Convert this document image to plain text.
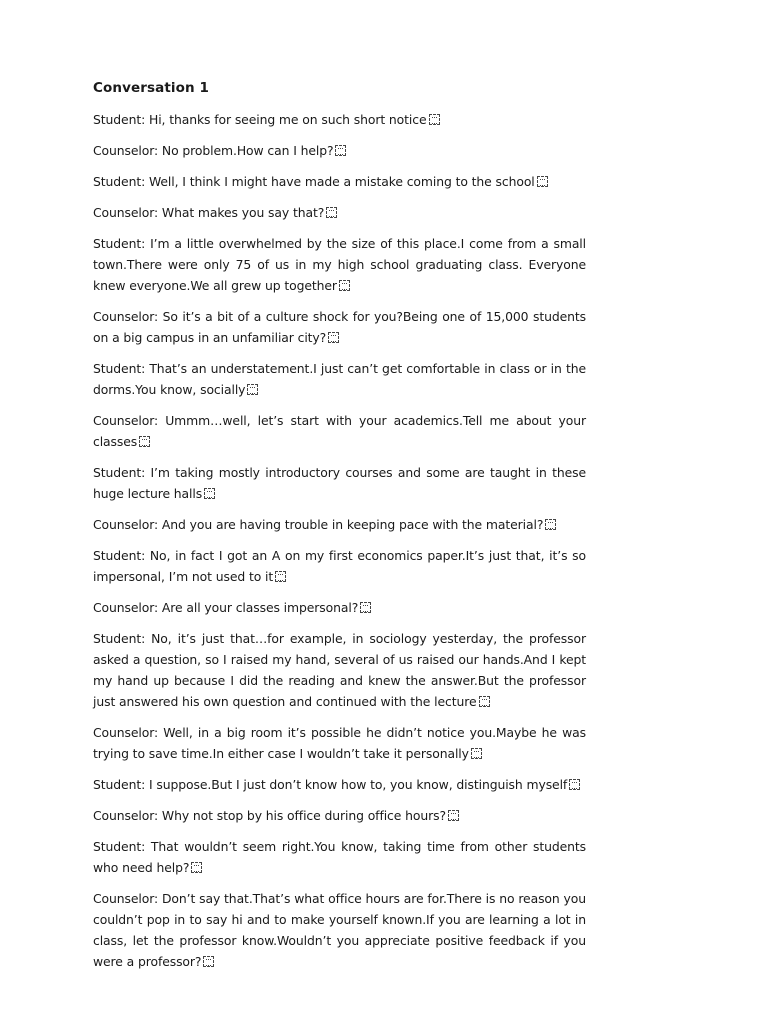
Conversation 1

Student: Hi, thanks for seeing me on such short notice

Counselor: No problem.How can I help?

Student: Well, I think I might have made a mistake coming to the school

Counselor: What makes you say that?

Student: I’m a little overwhelmed by the size of this place.I come from a small town.There were only 75 of us in my high school graduating class. Everyone knew everyone.We all grew up together

Counselor: So it’s a bit of a culture shock for you?Being one of 15,000 students on a big campus in an unfamiliar city?

Student: That’s an understatement.I just can’t get comfortable in class or in the dorms.You know, socially

Counselor: Ummm…well, let’s start with your academics.Tell me about your classes

Student: I’m taking mostly introductory courses and some are taught in these huge lecture halls

Counselor: And you are having trouble in keeping pace with the material?

Student: No, in fact I got an A on my first economics paper.It’s just that, it’s so impersonal, I’m not used to it

Counselor: Are all your classes impersonal?

Student: No, it’s just that…for example, in sociology yesterday, the professor asked a question, so I raised my hand, several of us raised our hands.And I kept my hand up because I did the reading and knew the answer.But the professor just answered his own question and continued with the lecture

Counselor: Well, in a big room it’s possible he didn’t notice you.Maybe he was trying to save time.In either case I wouldn’t take it personally

Student: I suppose.But I just don’t know how to, you know, distinguish myself

Counselor: Why not stop by his office during office hours?

Student: That wouldn’t seem right.You know, taking time from other students who need help?

Counselor: Don’t say that.That’s what office hours are for.There is no reason you couldn’t pop in to say hi and to make yourself known.If you are learning a lot in class, let the professor know.Wouldn’t you appreciate positive feedback if you were a professor?
